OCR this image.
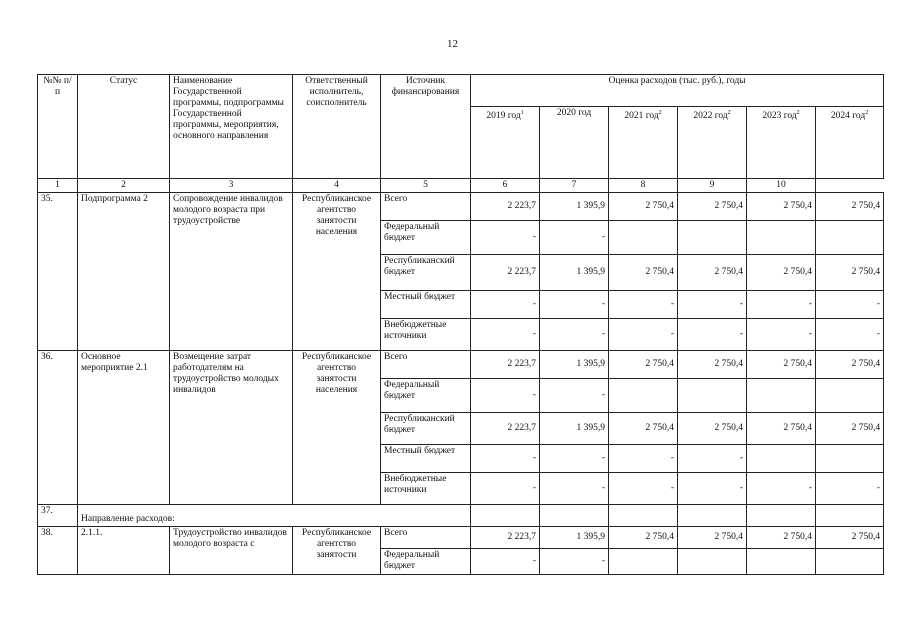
12
№№ п/п	Статус	Наименование Государственной программы, подпрограммы Государственной программы, мероприятия, основного направления	Ответственный исполнитель, соисполнитель	Источник финансирования	Оценка расходов (тыс. руб.), годы					
					2019 год$^1$	2020 год	2021 год$^2$	2022 год$^2$	2023 год$^2$	2024 год$^2$
1	2	3	4	5	6	7	8	9	10	
35.	Подпрограмма 2	Сопровождение инвалидов молодого возраста при трудоустройстве	Республиканское агентство занятости населения	Всего	2 223,7	1 395,9	2 750,4	2 750,4	2 750,4	2 750,4
				Федеральный бюджет	-	-				
				Республиканский бюджет	2 223,7	1 395,9	2 750,4	2 750,4	2 750,4	2 750,4
				Местный бюджет	-	-	-	-	-	-
				Внебюджетные источники	-	-	-	-	-	-
36.	Основное мероприятие 2.1	Возмещение затрат работодателям на трудоустройство молодых инвалидов	Республиканское агентство занятости населения	Всего	2 223,7	1 395,9	2 750,4	2 750,4	2 750,4	2 750,4
				Федеральный бюджет	-	-				
				Республиканский бюджет	2 223,7	1 395,9	2 750,4	2 750,4	2 750,4	2 750,4
				Местный бюджет	-	-	-	-		
				Внебюджетные источники	-	-	-	-	-	-
37.	Направление расходов:									
38.	2.1.1.	Трудоустройство инвалидов молодого возраста с	Республиканское агентство занятости	Всего	2 223,7	1 395,9	2 750,4	2 750,4	2 750,4	2 750,4
				Федеральный бюджет	-	-				
